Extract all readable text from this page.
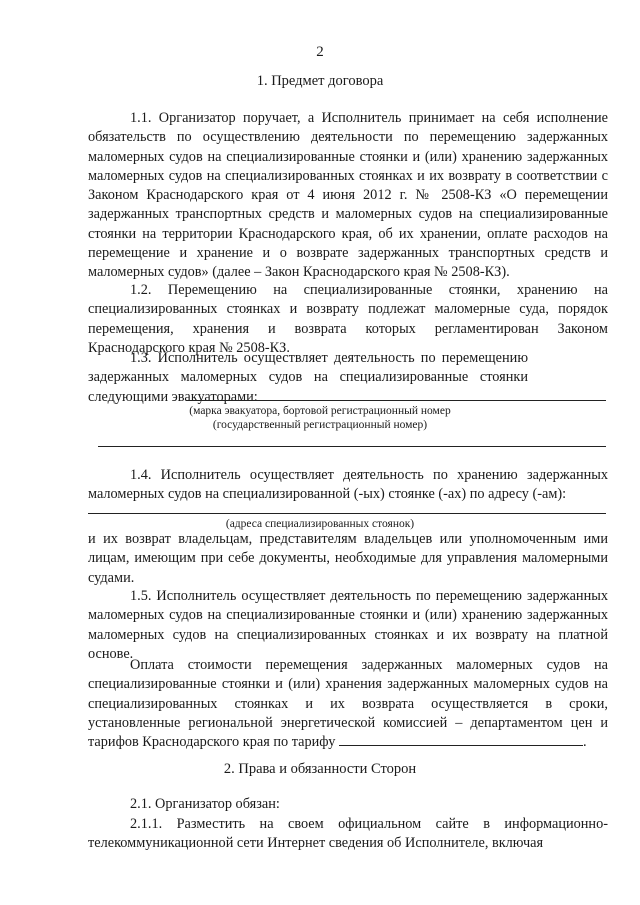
2
1. Предмет договора

1.1. Организатор поручает, а Исполнитель принимает на себя исполнение обязательств по осуществлению деятельности по перемещению задержанных маломерных судов на специализированные стоянки и (или) хранению задержанных маломерных судов на специализированных стоянках и их возврату в соответствии с Законом Краснодарского края от 4 июня 2012 г. № 2508-КЗ «О перемещении задержанных транспортных средств и маломерных судов на специализированные стоянки на территории Краснодарского края, об их хранении, оплате расходов на перемещение и хранение и о возврате задержанных транспортных средств и маломерных судов» (далее – Закон Краснодарского края № 2508-КЗ).

1.2. Перемещению на специализированные стоянки, хранению на специализированных стоянках и возврату подлежат маломерные суда, порядок перемещения, хранения и возврата которых регламентирован Законом Краснодарского края № 2508-КЗ.

1.3. Исполнитель осуществляет деятельность по перемещению задержанных маломерных судов на специализированные стоянки следующими эвакуаторами:

(марка эвакуатора, бортовой регистрационный номер
(государственный регистрационный номер)

1.4. Исполнитель осуществляет деятельность по хранению задержанных маломерных судов на специализированной (-ых) стоянке (-ах) по адресу (-ам):

(адреса специализированных стоянок)

и их возврат владельцам, представителям владельцев или уполномоченным ими лицам, имеющим при себе документы, необходимые для управления маломерными судами.

1.5. Исполнитель осуществляет деятельность по перемещению задержанных маломерных судов на специализированные стоянки и (или) хранению задержанных маломерных судов на специализированных стоянках и их возврату на платной основе.

Оплата стоимости перемещения задержанных маломерных судов на специализированные стоянки и (или) хранения задержанных маломерных судов на специализированных стоянках и их возврата осуществляется в сроки, установленные региональной энергетической комиссией – департаментом цен и тарифов Краснодарского края по тарифу	.

2. Права и обязанности Сторон

2.1. Организатор обязан:

2.1.1. Разместить на своем официальном сайте в информационно-телекоммуникационной сети Интернет сведения об Исполнителе, включая
